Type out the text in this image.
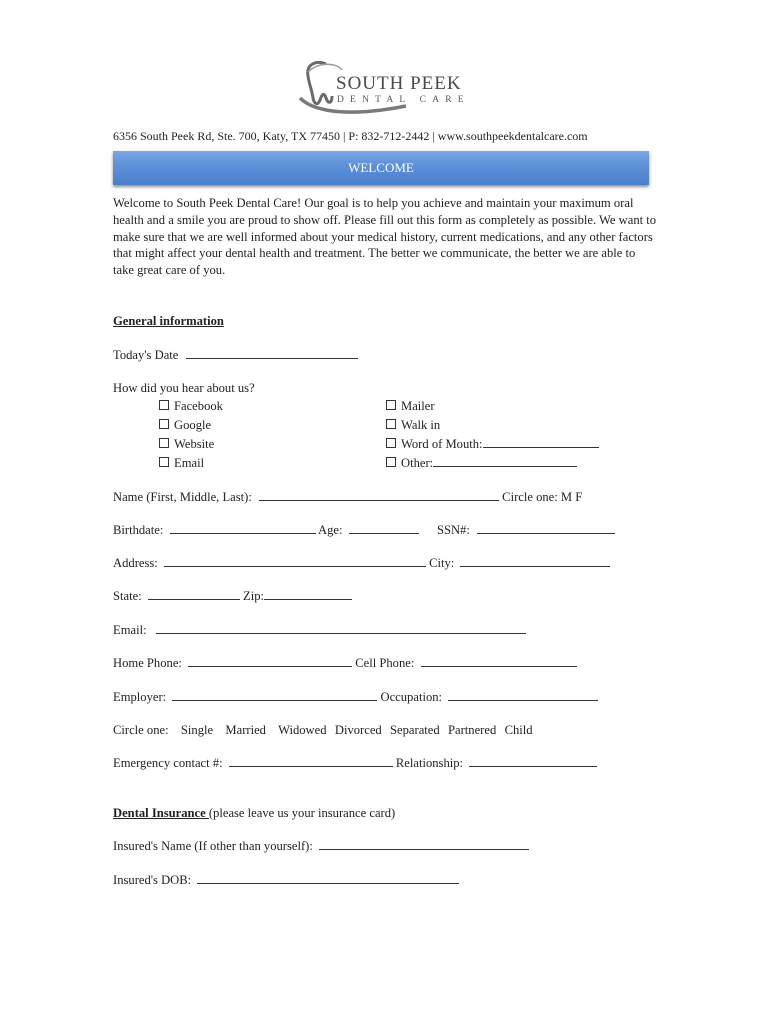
SOUTH PEEK
DENTAL CARE
6356 South Peek Rd, Ste. 700, Katy, TX 77450 | P: 832-712-2442 | www.southpeekdentalcare.com
WELCOME

Welcome to South Peek Dental Care! Our goal is to help you achieve and maintain your maximum oral health and a smile you are proud to show off. Please fill out this form as completely as possible. We want to make sure that we are well informed about your medical history, current medications, and any other factors that might affect your dental health and treatment. The better we communicate, the better we are able to take great care of you.

General information
Today's Date
How did you hear about us?
Facebook
Google
Website
Email
Mailer
Walk in
Word of Mouth:
Other:
Name (First, Middle, Last):	Circle one: M F
Birthdate:	Age:	SSN#:
Address:	City:
State:	Zip:
Email:
Home Phone:	Cell Phone:
Employer:	Occupation:
Circle one: Single Married Widowed Divorced Separated Partnered Child
Emergency contact #:	Relationship:
Dental Insurance (please leave us your insurance card)
Insured's Name (If other than yourself):
Insured's DOB:
